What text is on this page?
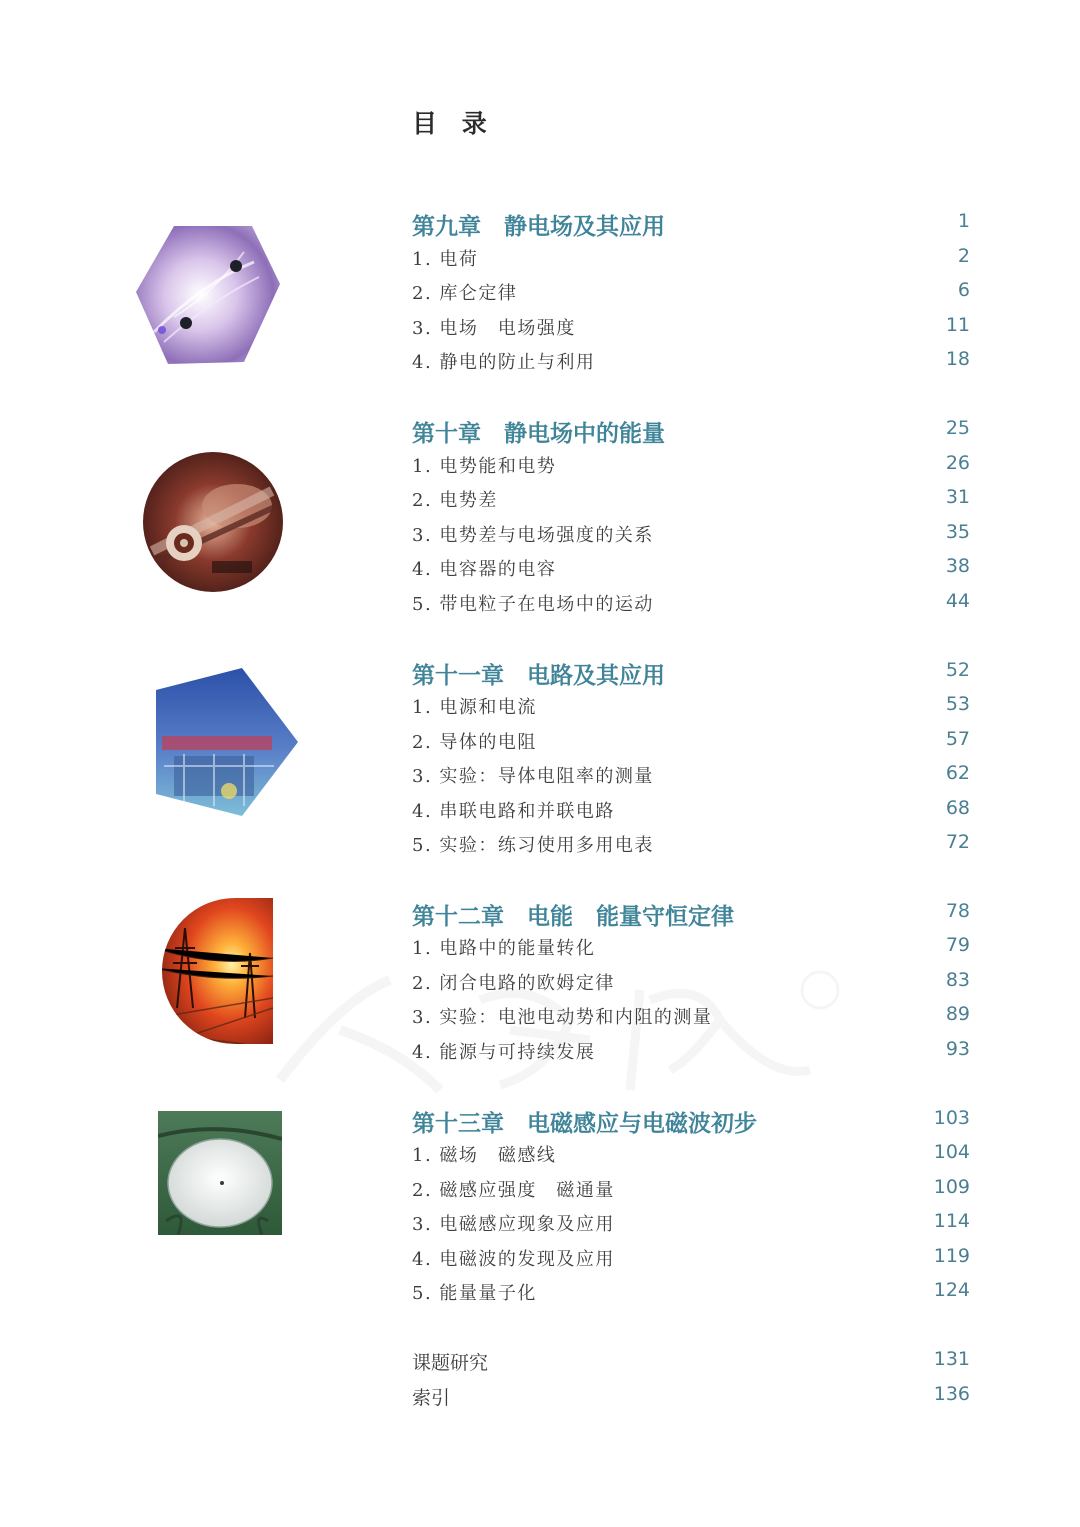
目 录
第九章　静电场及其应用	1
1. 电荷	2
2. 库仑定律	6
3. 电场　电场强度	11
4. 静电的防止与利用	18
第十章　静电场中的能量	25
1. 电势能和电势	26
2. 电势差	31
3. 电势差与电场强度的关系	35
4. 电容器的电容	38
5. 带电粒子在电场中的运动	44
第十一章　电路及其应用	52
1. 电源和电流	53
2. 导体的电阻	57
3. 实验：导体电阻率的测量	62
4. 串联电路和并联电路	68
5. 实验：练习使用多用电表	72
第十二章　电能　能量守恒定律	78
1. 电路中的能量转化	79
2. 闭合电路的欧姆定律	83
3. 实验：电池电动势和内阻的测量	89
4. 能源与可持续发展	93
第十三章　电磁感应与电磁波初步	103
1. 磁场　磁感线	104
2. 磁感应强度　磁通量	109
3. 电磁感应现象及应用	114
4. 电磁波的发现及应用	119
5. 能量量子化	124
课题研究	131
索引	136
